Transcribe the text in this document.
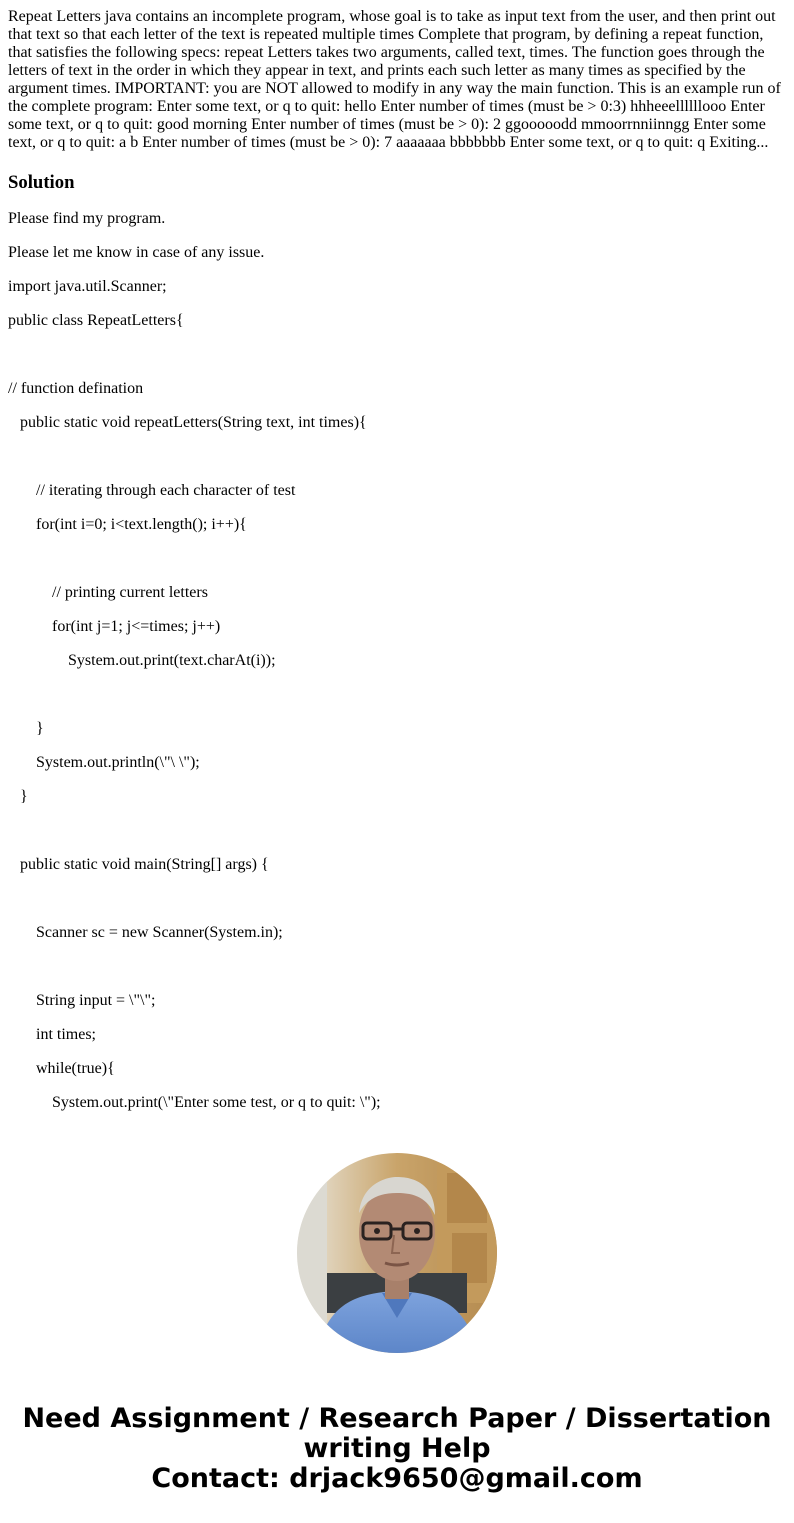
Repeat Letters java contains an incomplete program, whose goal is to take as input text from the user, and then print out that text so that each letter of the text is repeated multiple times Complete that program, by defining a repeat function, that satisfies the following specs: repeat Letters takes two arguments, called text, times. The function goes through the letters of text in the order in which they appear in text, and prints each such letter as many times as specified by the argument times. IMPORTANT: you are NOT allowed to modify in any way the main function. This is an example run of the complete program: Enter some text, or q to quit: hello Enter number of times (must be > 0:3) hhheeellllllooo Enter some text, or q to quit: good morning Enter number of times (must be > 0): 2 ggooooodd mmoorrnniinngg Enter some text, or q to quit: a b Enter number of times (must be > 0): 7 aaaaaaa bbbbbbb Enter some text, or q to quit: q Exiting...
Solution

Please find my program.

Please let me know in case of any issue.

import java.util.Scanner;

public class RepeatLetters{

// function defination

public static void repeatLetters(String text, int times){

// iterating through each character of test

for(int i=0; i<text.length(); i++){

// printing current letters

for(int j=1; j<=times; j++)

System.out.print(text.charAt(i));

}

System.out.println(\"\ \");

}

public static void main(String[] args) {

Scanner sc = new Scanner(System.in);

String input = \"\";

int times;

while(true){

System.out.print(\"Enter some test, or q to quit: \");

Need Assignment / Research Paper / Dissertation
writing Help
Contact: drjack9650@gmail.com
